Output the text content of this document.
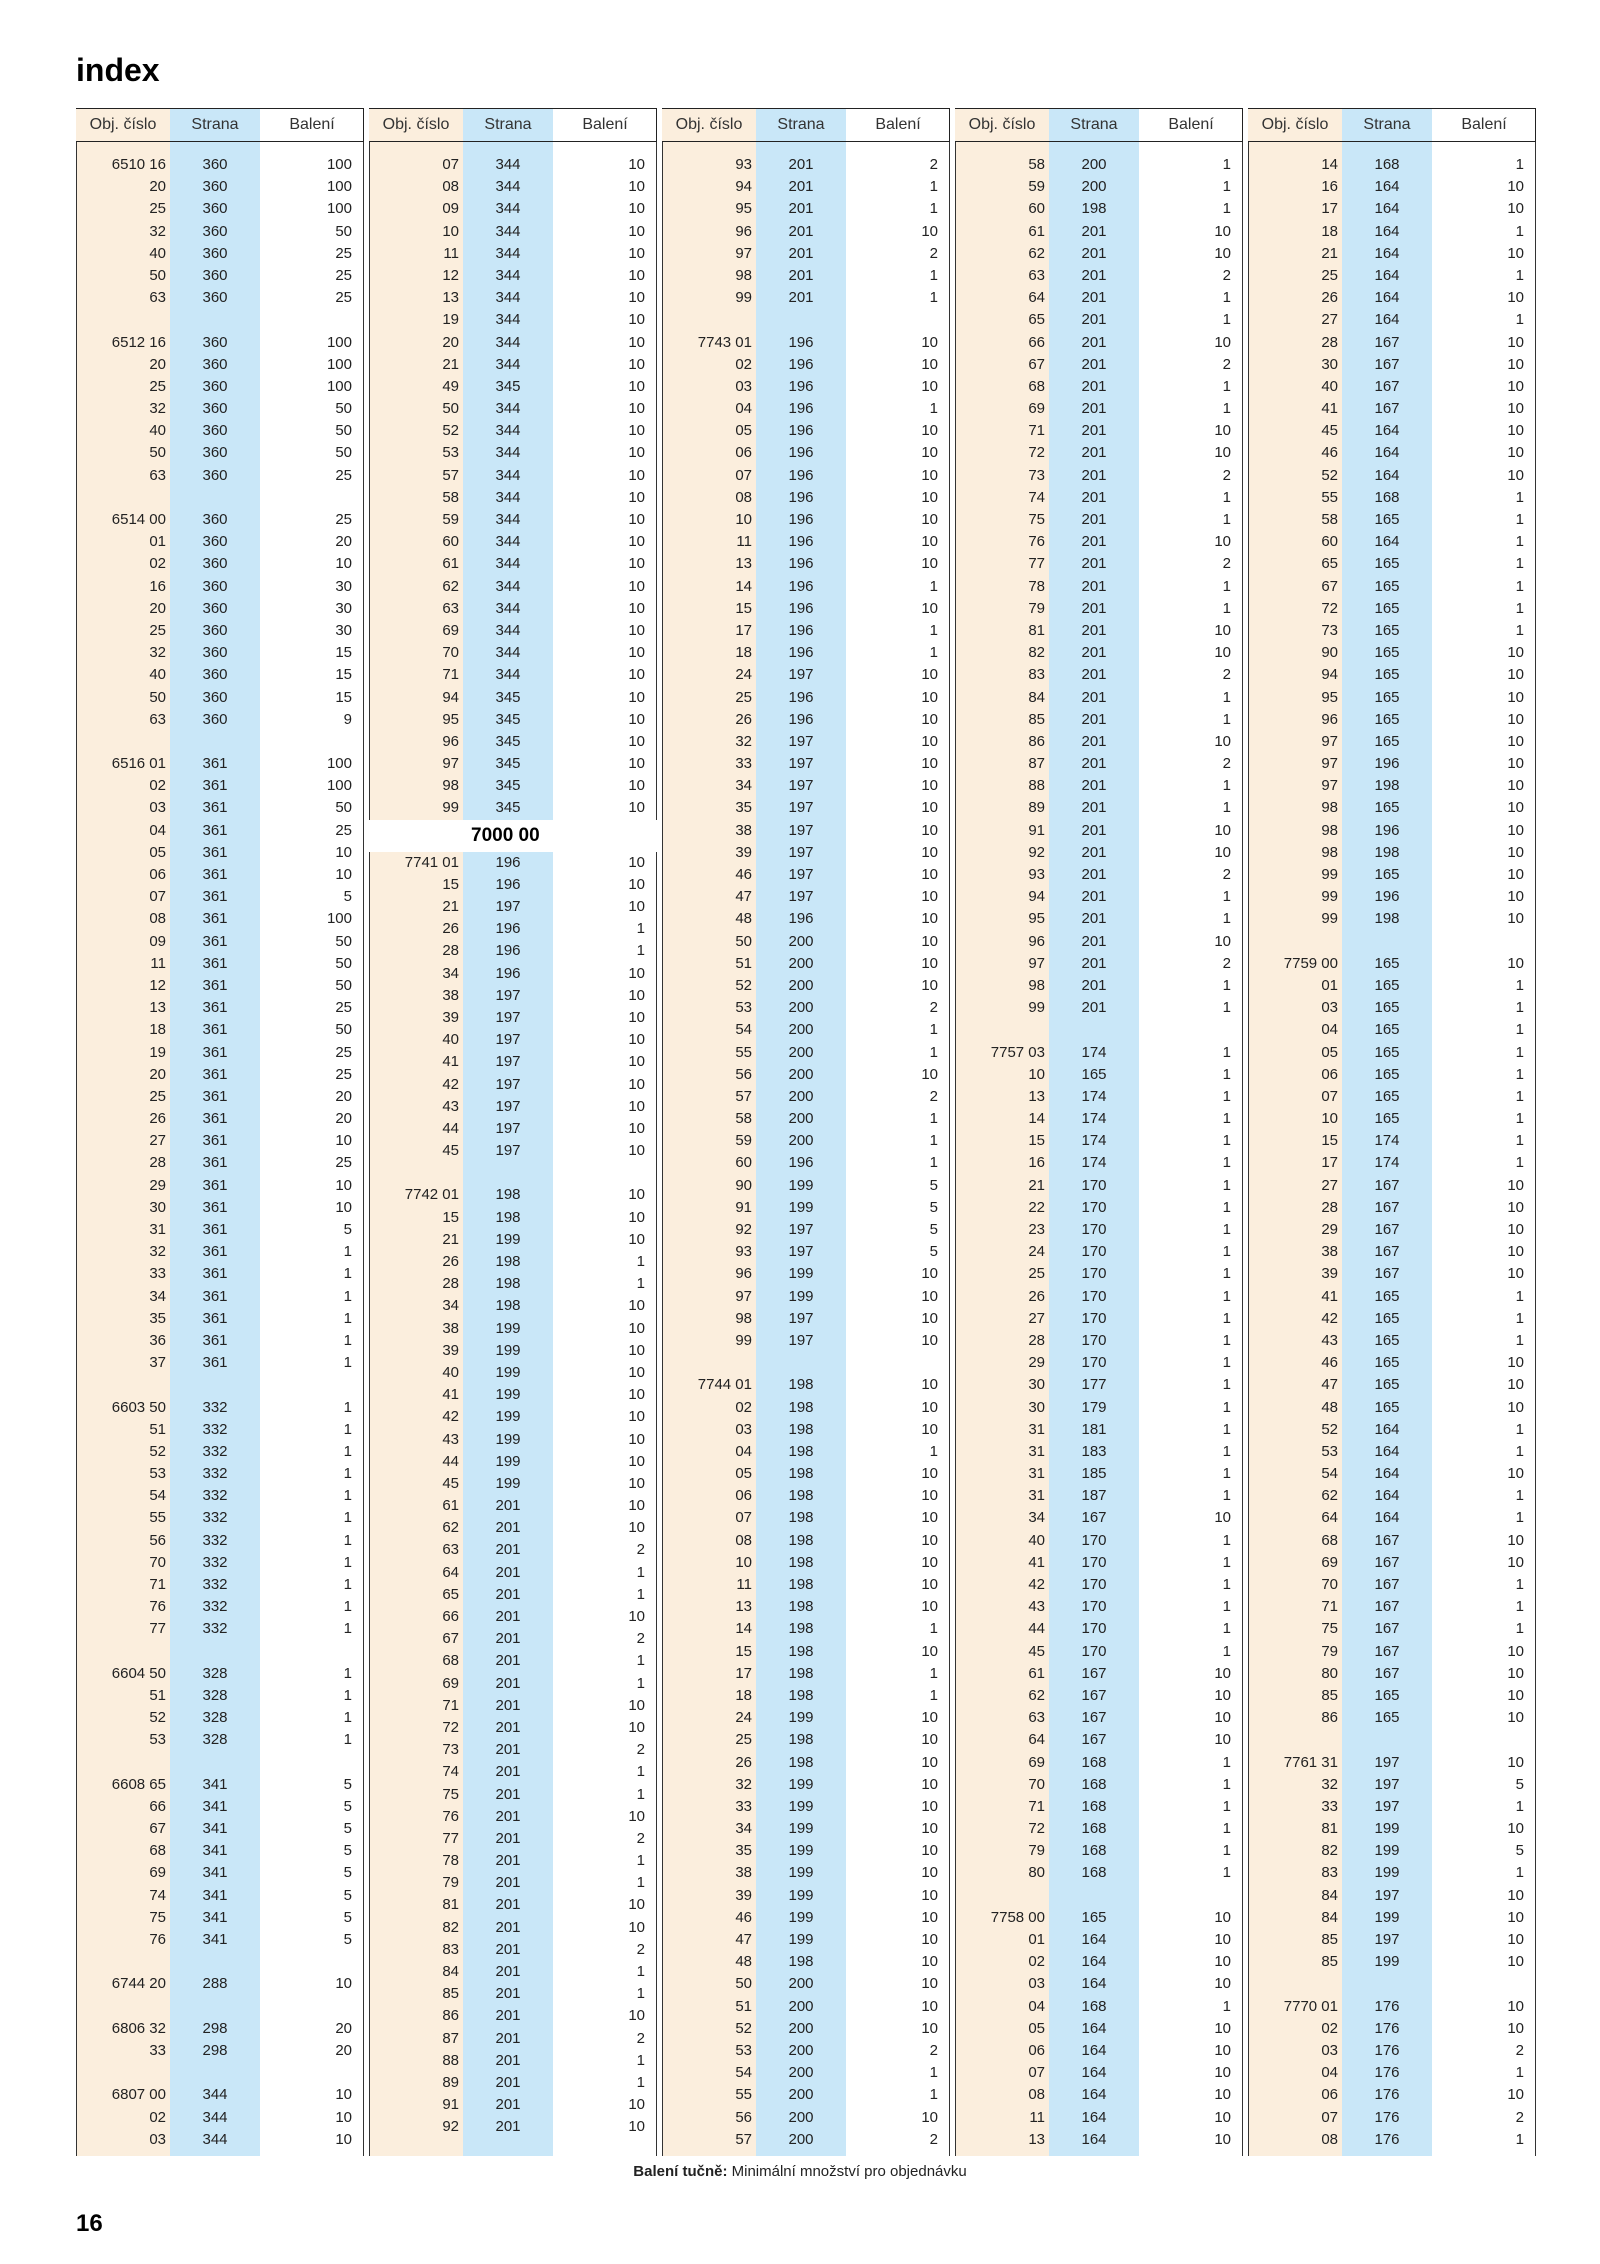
index
Obj. číslo	Strana	Balení
6510 16	360	100
20	360	100
25	360	100
32	360	50
40	360	25
50	360	25
63	360	25
6512 16	360	100
20	360	100
25	360	100
32	360	50
40	360	50
50	360	50
63	360	25
6514 00	360	25
01	360	20
02	360	10
16	360	30
20	360	30
25	360	30
32	360	15
40	360	15
50	360	15
63	360	9
6516 01	361	100
02	361	100
03	361	50
04	361	25
05	361	10
06	361	10
07	361	5
08	361	100
09	361	50
11	361	50
12	361	50
13	361	25
18	361	50
19	361	25
20	361	25
25	361	20
26	361	20
27	361	10
28	361	25
29	361	10
30	361	10
31	361	5
32	361	1
33	361	1
34	361	1
35	361	1
36	361	1
37	361	1
6603 50	332	1
51	332	1
52	332	1
53	332	1
54	332	1
55	332	1
56	332	1
70	332	1
71	332	1
76	332	1
77	332	1
6604 50	328	1
51	328	1
52	328	1
53	328	1
6608 65	341	5
66	341	5
67	341	5
68	341	5
69	341	5
74	341	5
75	341	5
76	341	5
6744 20	288	10
6806 32	298	20
33	298	20
6807 00	344	10
02	344	10
03	344	10
Obj. číslo	Strana	Balení
07	344	10
08	344	10
09	344	10
10	344	10
11	344	10
12	344	10
13	344	10
19	344	10
20	344	10
21	344	10
49	345	10
50	344	10
52	344	10
53	344	10
57	344	10
58	344	10
59	344	10
60	344	10
61	344	10
62	344	10
63	344	10
69	344	10
70	344	10
71	344	10
94	345	10
95	345	10
96	345	10
97	345	10
98	345	10
99	345	10
7000 00
7741 01	196	10
15	196	10
21	197	10
26	196	1
28	196	1
34	196	10
38	197	10
39	197	10
40	197	10
41	197	10
42	197	10
43	197	10
44	197	10
45	197	10
7742 01	198	10
15	198	10
21	199	10
26	198	1
28	198	1
34	198	10
38	199	10
39	199	10
40	199	10
41	199	10
42	199	10
43	199	10
44	199	10
45	199	10
61	201	10
62	201	10
63	201	2
64	201	1
65	201	1
66	201	10
67	201	2
68	201	1
69	201	1
71	201	10
72	201	10
73	201	2
74	201	1
75	201	1
76	201	10
77	201	2
78	201	1
79	201	1
81	201	10
82	201	10
83	201	2
84	201	1
85	201	1
86	201	10
87	201	2
88	201	1
89	201	1
91	201	10
92	201	10
Obj. číslo	Strana	Balení
93	201	2
94	201	1
95	201	1
96	201	10
97	201	2
98	201	1
99	201	1
7743 01	196	10
02	196	10
03	196	10
04	196	1
05	196	10
06	196	10
07	196	10
08	196	10
10	196	10
11	196	10
13	196	10
14	196	1
15	196	10
17	196	1
18	196	1
24	197	10
25	196	10
26	196	10
32	197	10
33	197	10
34	197	10
35	197	10
38	197	10
39	197	10
46	197	10
47	197	10
48	196	10
50	200	10
51	200	10
52	200	10
53	200	2
54	200	1
55	200	1
56	200	10
57	200	2
58	200	1
59	200	1
60	196	1
90	199	5
91	199	5
92	197	5
93	197	5
96	199	10
97	199	10
98	197	10
99	197	10
7744 01	198	10
02	198	10
03	198	10
04	198	1
05	198	10
06	198	10
07	198	10
08	198	10
10	198	10
11	198	10
13	198	10
14	198	1
15	198	10
17	198	1
18	198	1
24	199	10
25	198	10
26	198	10
32	199	10
33	199	10
34	199	10
35	199	10
38	199	10
39	199	10
46	199	10
47	199	10
48	198	10
50	200	10
51	200	10
52	200	10
53	200	2
54	200	1
55	200	1
56	200	10
57	200	2
Obj. číslo	Strana	Balení
58	200	1
59	200	1
60	198	1
61	201	10
62	201	10
63	201	2
64	201	1
65	201	1
66	201	10
67	201	2
68	201	1
69	201	1
71	201	10
72	201	10
73	201	2
74	201	1
75	201	1
76	201	10
77	201	2
78	201	1
79	201	1
81	201	10
82	201	10
83	201	2
84	201	1
85	201	1
86	201	10
87	201	2
88	201	1
89	201	1
91	201	10
92	201	10
93	201	2
94	201	1
95	201	1
96	201	10
97	201	2
98	201	1
99	201	1
7757 03	174	1
10	165	1
13	174	1
14	174	1
15	174	1
16	174	1
21	170	1
22	170	1
23	170	1
24	170	1
25	170	1
26	170	1
27	170	1
28	170	1
29	170	1
30	177	1
30	179	1
31	181	1
31	183	1
31	185	1
31	187	1
34	167	10
40	170	1
41	170	1
42	170	1
43	170	1
44	170	1
45	170	1
61	167	10
62	167	10
63	167	10
64	167	10
69	168	1
70	168	1
71	168	1
72	168	1
79	168	1
80	168	1
7758 00	165	10
01	164	10
02	164	10
03	164	10
04	168	1
05	164	10
06	164	10
07	164	10
08	164	10
11	164	10
13	164	10
Obj. číslo	Strana	Balení
14	168	1
16	164	10
17	164	10
18	164	1
21	164	10
25	164	1
26	164	10
27	164	1
28	167	10
30	167	10
40	167	10
41	167	10
45	164	10
46	164	10
52	164	10
55	168	1
58	165	1
60	164	1
65	165	1
67	165	1
72	165	1
73	165	1
90	165	10
94	165	10
95	165	10
96	165	10
97	165	10
97	196	10
97	198	10
98	165	10
98	196	10
98	198	10
99	165	10
99	196	10
99	198	10
7759 00	165	10
01	165	1
03	165	1
04	165	1
05	165	1
06	165	1
07	165	1
10	165	1
15	174	1
17	174	1
27	167	10
28	167	10
29	167	10
38	167	10
39	167	10
41	165	1
42	165	1
43	165	1
46	165	10
47	165	10
48	165	10
52	164	1
53	164	1
54	164	10
62	164	1
64	164	1
68	167	10
69	167	10
70	167	1
71	167	1
75	167	1
79	167	10
80	167	10
85	165	10
86	165	10
7761 31	197	10
32	197	5
33	197	1
81	199	10
82	199	5
83	199	1
84	197	10
84	199	10
85	197	10
85	199	10
7770 01	176	10
02	176	10
03	176	2
04	176	1
06	176	10
07	176	2
08	176	1
Balení tučně: Minimální množství pro objednávku
16
